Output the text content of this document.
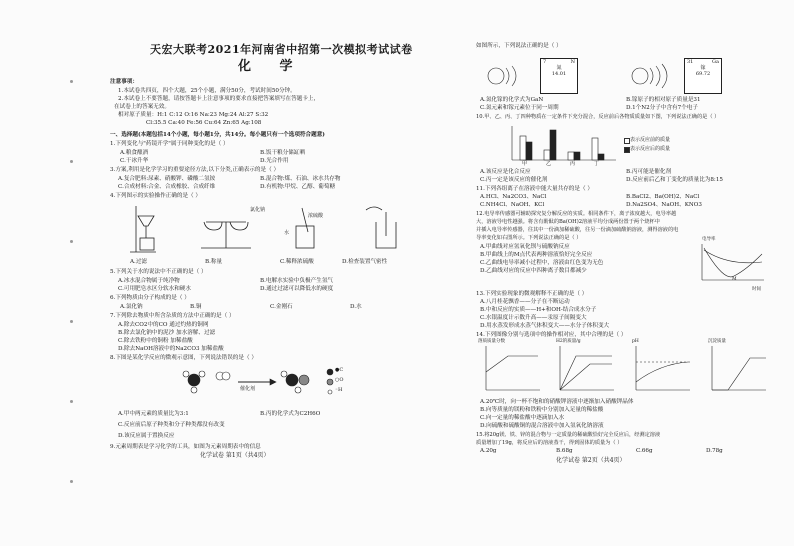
天宏大联考2021年河南省中招第一次模拟考试试卷
化 学
注意事项：
1.本试卷共四页，四个大题，25个小题，满分50分，考试时间50分钟。
2.本试卷上不要答题，请按答题卡上注意事项的要求直接把答案填写在答题卡上，
在试卷上的答案无效。
相对原子质量：H:1 C:12 O:16 Na:23 Mg:24 Al:27 S:32
Cl:35.5 Ca:40 Fe:56 Cu:64 Zn:65 Ag:108
一、选择题(本题包括14个小题，每小题1分，共14分。每小题只有一个选项符合题意)
1.下列变化与"药镜开学"属于同种变化的是（ ）
A.粮食酿酒	B.饭干粮分储缸晒
C.干冰升华	D.光合作用
3.方案,利用是化学学习的重要途径方法,以下分类,正确表示的是（ ）
A.复合肥料:尿素、硝酸钾、磷酸二氢铵	B.混合物:煤、石油、冰水共存物
C.合成材料:合金、合成橡胶、合成纤维	D.有机物:甲烷、乙醇、葡萄糖
4.下列图示的实验操作正确的是（ ）
氯化钠
水
浓硫酸
A.过滤	B.称量	C.稀释浓硫酸	D.检查装置气密性
5.下列关于水的说法中不正确的是（ ）
A.冰水混合物属于纯净物	B.电解水实验中负极产生氢气
C.可用肥皂水区分软水和硬水	D.通过过滤可以降低水的硬度
6.下列物质由分子构成的是（ ）
A.氯化钠	B.铜	C.金刚石	D.水
7.下列除去物质中所含杂质的方法中正确的是（ ）
A.除去CO2中的CO 通过灼热的铜网
B.除去氯化钠中的泥沙 加水溶解、过滤
C.除去铁粉中的铜粉 加稀盐酸
D.除去NaOH溶液中的Na2CO3 加稀盐酸
8.下图是某化学反应的微观示意图，下列说法错误的是（ ）
催化剂
●C
○O
◦H
A.甲中两元素的质量比为3:1	B.丙的化学式为C2H6O
C.反应前后原子种类和分子种类都没有改变
D.该反应属于置换反应
9.元素周期表是学习化学的工具，如图为元素周期表中的信息
化学试卷 第1页（共4页）
如图所示，下列说法正确的是（ ）
7	N
氮
14.01
31	Ga
镓
69.72
A.氮化镓的化学式为GaN	B.镓原子的相对原子质量是31
C.氮元素和镓元素位于同一周期	D.1个N2分子中含有7个电子
10.甲、乙、丙、丁四种物质在一定条件下充分混合，反应前后各物质质量如下图，下列说法正确的是（ ）
甲	乙	丙	丁
表示反应前的质量
表示反应后的质量
A.该反应是化合反应	B.丙可能是催化剂
C.丙一定是该反应的催化剂	D.反应前后乙和丁变化的质量比为8:15
11.下列各组离子在溶液中能大量共存的是（ ）
A.HCl、Na2CO3、NaCl	B.BaCl2、Ba(OH)2、NaCl
C.NH4Cl、NaOH、KCl	D.Na2SO4、NaOH、KNO3
12.电导率传感器可辅助探究复分解反应的实质。相同条件下，离子浓度越大，电导率越
大，溶液导电性越强。将含有酚酞的Ba(OH)2溶液平均分成两份置于两个烧杯中
并插入电导率传感器，往其中一份滴加稀硫酸，往另一份滴加硫酸钠溶液，测得溶液的电
导率变化如右图所示。下列说法正确的是（ ）
A.甲曲线对应氢氧化钡与硫酸钠反应
B.甲曲线上的M点代表两种溶液恰好完全反应
C.乙曲线电导率减小过程中，溶液由红色变为无色
D.乙曲线对应的反应中四种离子数目都减少
电导率
时间
M
13.下列实验现象的微观解释不正确的是（ ）
A.八月桂花飘香——分子在不断运动
B.中和反应的实质——H+和OH-结合成水分子
C.水银温度计示数升高——汞原子间隔变大
D.用水蒸发形成水蒸气体积变大——水分子体积变大
14.下列图像分别与选项中的操作相对应，其中合理的是（ ）
溶质质量分数	H2的质量/g	pH	沉淀质量
A.20℃时，向一杯不饱和的硝酸钾溶液中逐渐加入硝酸钾晶体
B.向等质量的镁粉和铁粉中分别加入足量的稀盐酸
C.向一定量的稀盐酸中逐滴加入水
D.向硫酸和硫酸铜的混合溶液中加入氢氧化钠溶液
15.将20g镁、铁、锌的混合物与一定质量的稀硫酸恰好完全反应后，经测定溶液
质量增加了19g，将反应后的溶液蒸干，得到固体的质量为（ ）
A.20g	B.68g	C.66g	D.78g
化学试卷 第2页（共4页）
